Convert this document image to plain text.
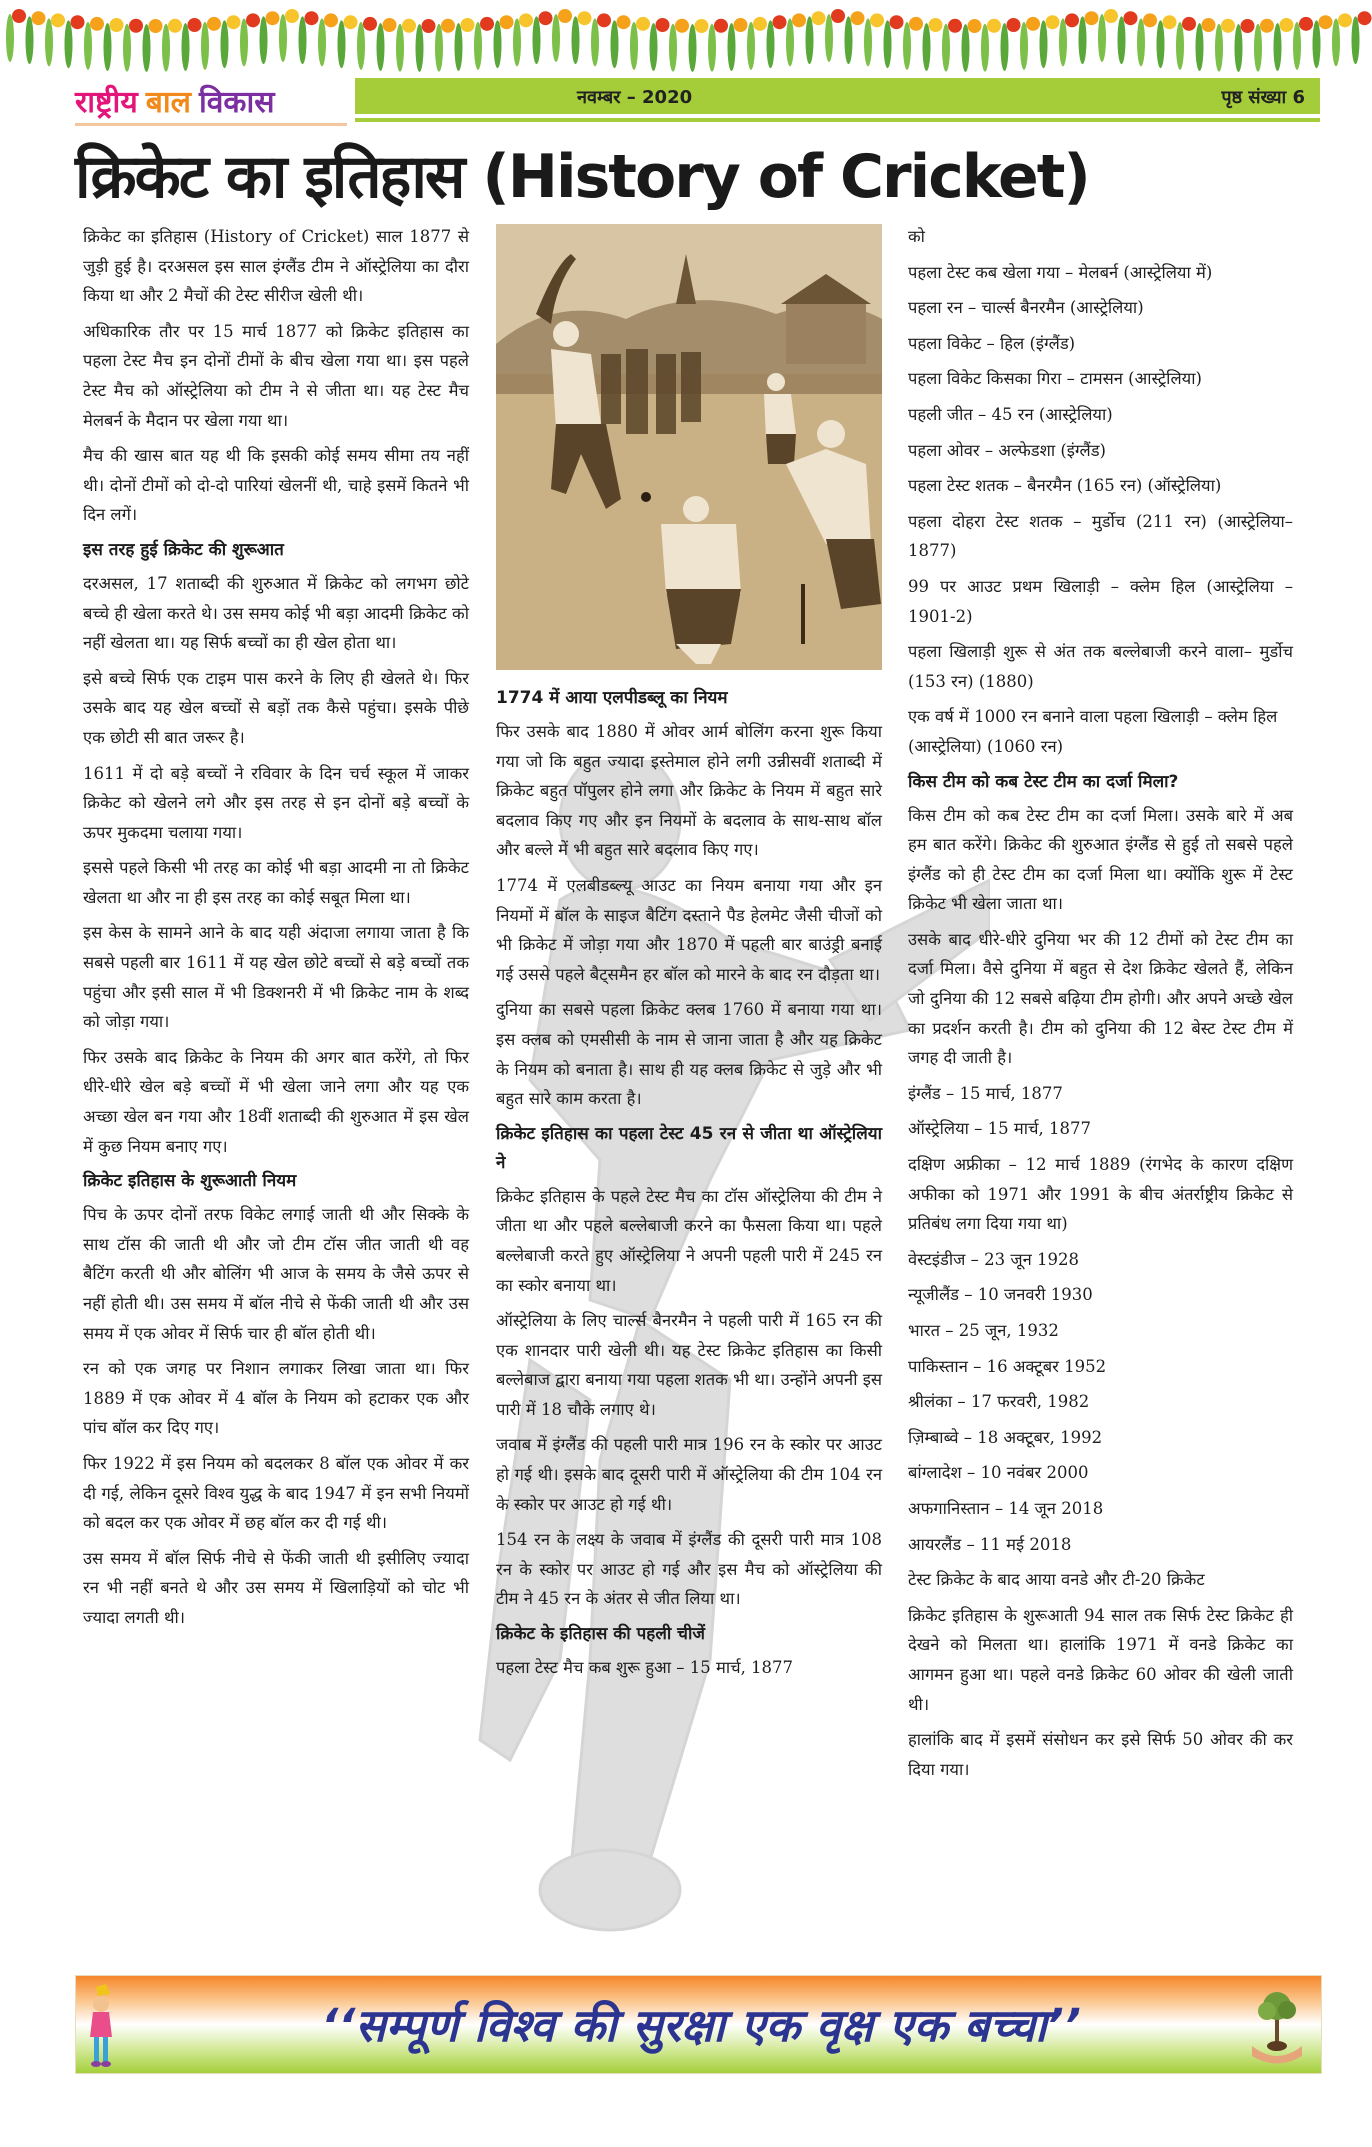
राष्ट्रीय बाल विकास	नवम्बर – 2020	पृष्ठ संख्या 6
क्रिकेट का इतिहास (History of Cricket)

क्रिकेट का इतिहास (History of Cricket) साल 1877 से जुड़ी हुई है। दरअसल इस साल इंग्लैंड टीम ने ऑस्ट्रेलिया का दौरा किया था और 2 मैचों की टेस्ट सीरीज खेली थी।

अधिकारिक तौर पर 15 मार्च 1877 को क्रिकेट इतिहास का पहला टेस्ट मैच इन दोनों टीमों के बीच खेला गया था। इस पहले टेस्ट मैच को ऑस्ट्रेलिया को टीम ने से जीता था। यह टेस्ट मैच मेलबर्न के मैदान पर खेला गया था।

मैच की खास बात यह थी कि इसकी कोई समय सीमा तय नहीं थी। दोनों टीमों को दो-दो पारियां खेलनीं थी, चाहे इसमें कितने भी दिन लगें।

इस तरह हुई क्रिकेट की शुरूआत

दरअसल, 17 शताब्दी की शुरुआत में क्रिकेट को लगभग छोटे बच्चे ही खेला करते थे। उस समय कोई भी बड़ा आदमी क्रिकेट को नहीं खेलता था। यह सिर्फ बच्चों का ही खेल होता था।

इसे बच्चे सिर्फ एक टाइम पास करने के लिए ही खेलते थे। फिर उसके बाद यह खेल बच्चों से बड़ों तक कैसे पहुंचा। इसके पीछे एक छोटी सी बात जरूर है।

1611 में दो बड़े बच्चों ने रविवार के दिन चर्च स्कूल में जाकर क्रिकेट को खेलने लगे और इस तरह से इन दोनों बड़े बच्चों के ऊपर मुकदमा चलाया गया।

इससे पहले किसी भी तरह का कोई भी बड़ा आदमी ना तो क्रिकेट खेलता था और ना ही इस तरह का कोई सबूत मिला था।

इस केस के सामने आने के बाद यही अंदाजा लगाया जाता है कि सबसे पहली बार 1611 में यह खेल छोटे बच्चों से बड़े बच्चों तक पहुंचा और इसी साल में भी डिक्शनरी में भी क्रिकेट नाम के शब्द को जोड़ा गया।

फिर उसके बाद क्रिकेट के नियम की अगर बात करेंगे, तो फिर धीरे-धीरे खेल बड़े बच्चों में भी खेला जाने लगा और यह एक अच्छा खेल बन गया और 18वीं शताब्दी की शुरुआत में इस खेल में कुछ नियम बनाए गए।

क्रिकेट इतिहास के शुरूआती नियम

पिच के ऊपर दोनों तरफ विकेट लगाई जाती थी और सिक्के के साथ टॉस की जाती थी और जो टीम टॉस जीत जाती थी वह बैटिंग करती थी और बोलिंग भी आज के समय के जैसे ऊपर से नहीं होती थी। उस समय में बॉल नीचे से फेंकी जाती थी और उस समय में एक ओवर में सिर्फ चार ही बॉल होती थी।

रन को एक जगह पर निशान लगाकर लिखा जाता था। फिर 1889 में एक ओवर में 4 बॉल के नियम को हटाकर एक और पांच बॉल कर दिए गए।

फिर 1922 में इस नियम को बदलकर 8 बॉल एक ओवर में कर दी गई, लेकिन दूसरे विश्व युद्ध के बाद 1947 में इन सभी नियमों को बदल कर एक ओवर में छह बॉल कर दी गई थी।

उस समय में बॉल सिर्फ नीचे से फेंकी जाती थी इसीलिए ज्यादा रन भी नहीं बनते थे और उस समय में खिलाड़ियों को चोट भी ज्यादा लगती थी।

1774 में आया एलपीडब्लू का नियम

फिर उसके बाद 1880 में ओवर आर्म बोलिंग करना शुरू किया गया जो कि बहुत ज्यादा इस्तेमाल होने लगी उन्नीसवीं शताब्दी में क्रिकेट बहुत पॉपुलर होने लगा और क्रिकेट के नियम में बहुत सारे बदलाव किए गए और इन नियमों के बदलाव के साथ-साथ बॉल और बल्ले में भी बहुत सारे बदलाव किए गए।

1774 में एलबीडब्ल्यू आउट का नियम बनाया गया और इन नियमों में बॉल के साइज बैटिंग दस्ताने पैड हेलमेट जैसी चीजों को भी क्रिकेट में जोड़ा गया और 1870 में पहली बार बाउंड्री बनाई गई उससे पहले बैट्समैन हर बॉल को मारने के बाद रन दौड़ता था।

दुनिया का सबसे पहला क्रिकेट क्लब 1760 में बनाया गया था। इस क्लब को एमसीसी के नाम से जाना जाता है और यह क्रिकेट के नियम को बनाता है। साथ ही यह क्लब क्रिकेट से जुड़े और भी बहुत सारे काम करता है।

क्रिकेट इतिहास का पहला टेस्ट 45 रन से जीता था ऑस्ट्रेलिया ने

क्रिकेट इतिहास के पहले टेस्ट मैच का टॉस ऑस्ट्रेलिया की टीम ने जीता था और पहले बल्लेबाजी करने का फैसला किया था। पहले बल्लेबाजी करते हुए ऑस्ट्रेलिया ने अपनी पहली पारी में 245 रन का स्कोर बनाया था।

ऑस्ट्रेलिया के लिए चार्ल्स बैनरमैन ने पहली पारी में 165 रन की एक शानदार पारी खेली थी। यह टेस्ट क्रिकेट इतिहास का किसी बल्लेबाज द्वारा बनाया गया पहला शतक भी था। उन्होंने अपनी इस पारी में 18 चौके लगाए थे।

जवाब में इंग्लैंड की पहली पारी मात्र 196 रन के स्कोर पर आउट हो गई थी। इसके बाद दूसरी पारी में ऑस्ट्रेलिया की टीम 104 रन के स्कोर पर आउट हो गई थी।

154 रन के लक्ष्य के जवाब में इंग्लैंड की दूसरी पारी मात्र 108 रन के स्कोर पर आउट हो गई और इस मैच को ऑस्ट्रेलिया की टीम ने 45 रन के अंतर से जीत लिया था।

क्रिकेट के इतिहास की पहली चीजें

पहला टेस्ट मैच कब शुरू हुआ – 15 मार्च, 1877

को

पहला टेस्ट कब खेला गया – मेलबर्न (आस्ट्रेलिया में)

पहला रन – चार्ल्स बैनरमैन (आस्ट्रेलिया)

पहला विकेट – हिल (इंग्लैंड)

पहला विकेट किसका गिरा – टामसन (आस्ट्रेलिया)

पहली जीत – 45 रन (आस्ट्रेलिया)

पहला ओवर – अल्फेडशा (इंग्लैंड)

पहला टेस्ट शतक – बैनरमैन (165 रन) (ऑस्ट्रेलिया)

पहला दोहरा टेस्ट शतक – मुर्डोच (211 रन) (आस्ट्रेलिया– 1877)

99 पर आउट प्रथम खिलाड़ी – क्लेम हिल (आस्ट्रेलिया – 1901-2)

पहला खिलाड़ी शुरू से अंत तक बल्लेबाजी करने वाला– मुर्डोच (153 रन) (1880)

एक वर्ष में 1000 रन बनाने वाला पहला खिलाड़ी – क्लेम हिल (आस्ट्रेलिया) (1060 रन)

किस टीम को कब टेस्ट टीम का दर्जा मिला?

किस टीम को कब टेस्ट टीम का दर्जा मिला। उसके बारे में अब हम बात करेंगे। क्रिकेट की शुरुआत इंग्लैंड से हुई तो सबसे पहले इंग्लैंड को ही टेस्ट टीम का दर्जा मिला था। क्योंकि शुरू में टेस्ट क्रिकेट भी खेला जाता था।

उसके बाद धीरे-धीरे दुनिया भर की 12 टीमों को टेस्ट टीम का दर्जा मिला। वैसे दुनिया में बहुत से देश क्रिकेट खेलते हैं, लेकिन जो दुनिया की 12 सबसे बढ़िया टीम होगी। और अपने अच्छे खेल का प्रदर्शन करती है। टीम को दुनिया की 12 बेस्ट टेस्ट टीम में जगह दी जाती है।

इंग्लैंड – 15 मार्च, 1877

ऑस्ट्रेलिया – 15 मार्च, 1877

दक्षिण अफ्रीका – 12 मार्च 1889 (रंगभेद के कारण दक्षिण अफीका को 1971 और 1991 के बीच अंतर्राष्ट्रीय क्रिकेट से प्रतिबंध लगा दिया गया था)

वेस्टइंडीज – 23 जून 1928

न्यूजीलैंड – 10 जनवरी 1930

भारत – 25 जून, 1932

पाकिस्तान – 16 अक्टूबर 1952

श्रीलंका – 17 फरवरी, 1982

ज़िम्बाब्वे – 18 अक्टूबर, 1992

बांग्लादेश – 10 नवंबर 2000

अफगानिस्तान – 14 जून 2018

आयरलैंड – 11 मई 2018

टेस्ट क्रिकेट के बाद आया वनडे और टी-20 क्रिकेट

क्रिकेट इतिहास के शुरूआती 94 साल तक सिर्फ टेस्ट क्रिकेट ही देखने को मिलता था। हालांकि 1971 में वनडे क्रिकेट का आगमन हुआ था। पहले वनडे क्रिकेट 60 ओवर की खेली जाती थी।

हालांकि बाद में इसमें संसोधन कर इसे सिर्फ 50 ओवर की कर दिया गया।

‘‘सम्पूर्ण विश्व की सुरक्षा एक वृक्ष एक बच्चा’’
